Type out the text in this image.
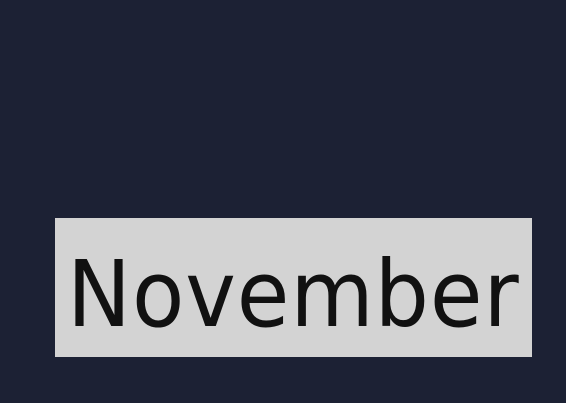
November
